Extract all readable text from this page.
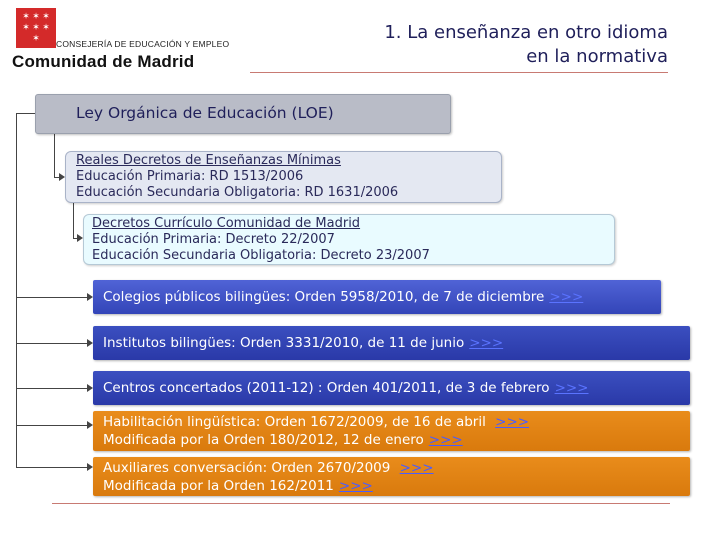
✶ ✶ ✶
✶ ✶ ✶
✶
CONSEJERÍA DE EDUCACIÓN Y EMPLEO
Comunidad de Madrid
1. La enseñanza en otro idioma
en la normativa
Ley Orgánica de Educación (LOE)
Reales Decretos de Enseñanzas Mínimas
Educación Primaria: RD 1513/2006
Educación Secundaria Obligatoria: RD 1631/2006
Decretos Currículo Comunidad de Madrid
Educación Primaria: Decreto 22/2007
Educación Secundaria Obligatoria: Decreto 23/2007
Colegios públicos bilingües: Orden 5958/2010, de 7 de diciembre >>>
Institutos bilingües: Orden 3331/2010, de 11 de junio >>>
Centros concertados (2011-12) : Orden 401/2011, de 3 de febrero >>>
Habilitación lingüística: Orden 1672/2009, de 16 de abril >>>
Modificada por la Orden 180/2012, 12 de enero >>>
Auxiliares conversación: Orden 2670/2009 >>>
Modificada por la Orden 162/2011 >>>
